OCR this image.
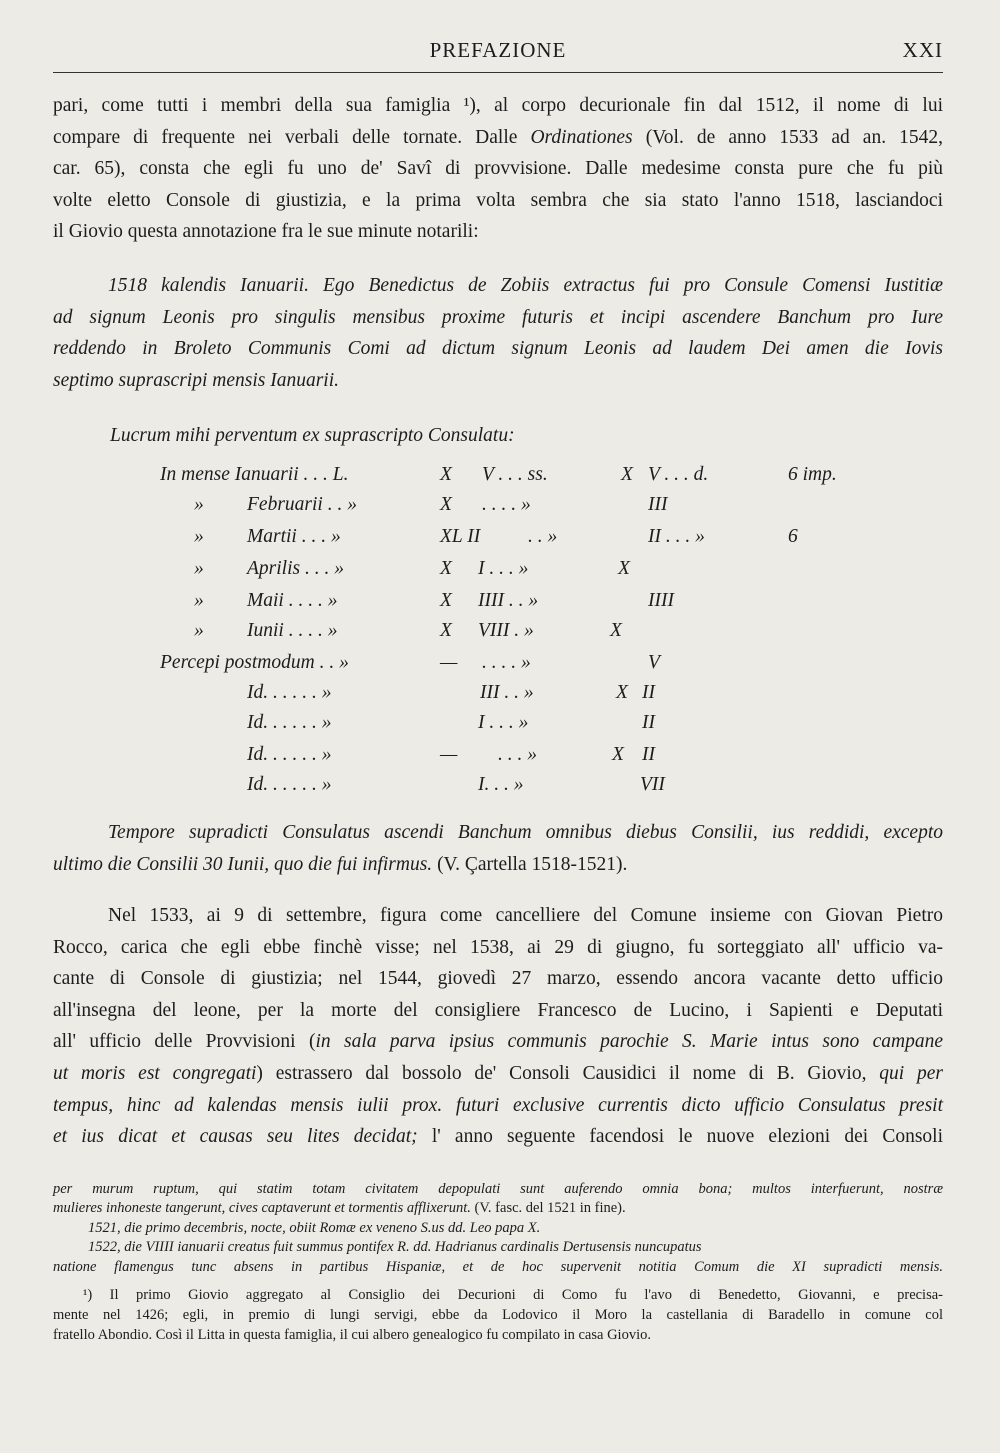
PREFAZIONE	XXI

pari, come tutti i membri della sua famiglia ¹), al corpo decurionale fin dal 1512, il nome di lui
compare di frequente nei verbali delle tornate. Dalle Ordinationes (Vol. de anno 1533 ad an. 1542,
car. 65), consta che egli fu uno de' Savî di provvisione. Dalle medesime consta pure che fu più
volte eletto Console di giustizia, e la prima volta sembra che sia stato l'anno 1518, lasciandoci
il Giovio questa annotazione fra le sue minute notarili:

1518 kalendis Ianuarii. Ego Benedictus de Zobiis extractus fui pro Consule Comensi Iustitiæ
ad signum Leonis pro singulis mensibus proxime futuris et incipi ascendere Banchum pro Iure
reddendo in Broleto Communis Comi ad dictum signum Leonis ad laudem Dei amen die Iovis
septimo suprascripi mensis Ianuarii.

Lucrum mihi perventum ex suprascripto Consulatu:
In mense Ianuarii . . . L.	X V . . . ss.	X V . . . d.	6 imp.
» Februarii . . »	X . . . . »	III
» Martii . . . »	XL II . . »	II . . . »	6
» Aprilis . . . »	X I . . . »	X
» Maii . . . . »	X IIII . . »	IIII
» Iunii . . . . »	X VIII . »	X
Percepi postmodum . . »	— . . . . »	V
Id. . . . . . »	III . . »	X II
Id. . . . . . »	I . . . »	II
Id. . . . . . »	— . . . »	X II
Id. . . . . . »	I. . . »	VII

Tempore supradicti Consulatus ascendi Banchum omnibus diebus Consilii, ius reddidi, excepto
ultimo die Consilii 30 Iunii, quo die fui infirmus. (V. Çartella 1518-1521).

Nel 1533, ai 9 di settembre, figura come cancelliere del Comune insieme con Giovan Pietro
Rocco, carica che egli ebbe finchè visse; nel 1538, ai 29 di giugno, fu sorteggiato all' ufficio va-
cante di Console di giustizia; nel 1544, giovedì 27 marzo, essendo ancora vacante detto ufficio
all'insegna del leone, per la morte del consigliere Francesco de Lucino, i Sapienti e Deputati
all' ufficio delle Provvisioni (in sala parva ipsius communis parochie S. Marie intus sono campane
ut moris est congregati) estrassero dal bossolo de' Consoli Causidici il nome di B. Giovio, qui per
tempus, hinc ad kalendas mensis iulii prox. futuri exclusive currentis dicto ufficio Consulatus presit
et ius dicat et causas seu lites decidat; l' anno seguente facendosi le nuove elezioni dei Consoli

per murum ruptum, qui statim totam civitatem depopulati sunt auferendo omnia bona; multos interfuerunt, nostræ
mulieres inhoneste tangerunt, cives captaverunt et tormentis afflixerunt. (V. fasc. del 1521 in fine).
1521, die primo decembris, nocte, obiit Romæ ex veneno S.us dd. Leo papa X.
1522, die VIIII ianuarii creatus fuit summus pontifex R. dd. Hadrianus cardinalis Dertusensis nuncupatus
natione flamengus tunc absens in partibus Hispaniæ, et de hoc supervenit notitia Comum die XI supradicti mensis.
¹) Il primo Giovio aggregato al Consiglio dei Decurioni di Como fu l'avo di Benedetto, Giovanni, e precisa-
mente nel 1426; egli, in premio di lungi servigi, ebbe da Lodovico il Moro la castellania di Baradello in comune col
fratello Abondio. Così il Litta in questa famiglia, il cui albero genealogico fu compilato in casa Giovio.
